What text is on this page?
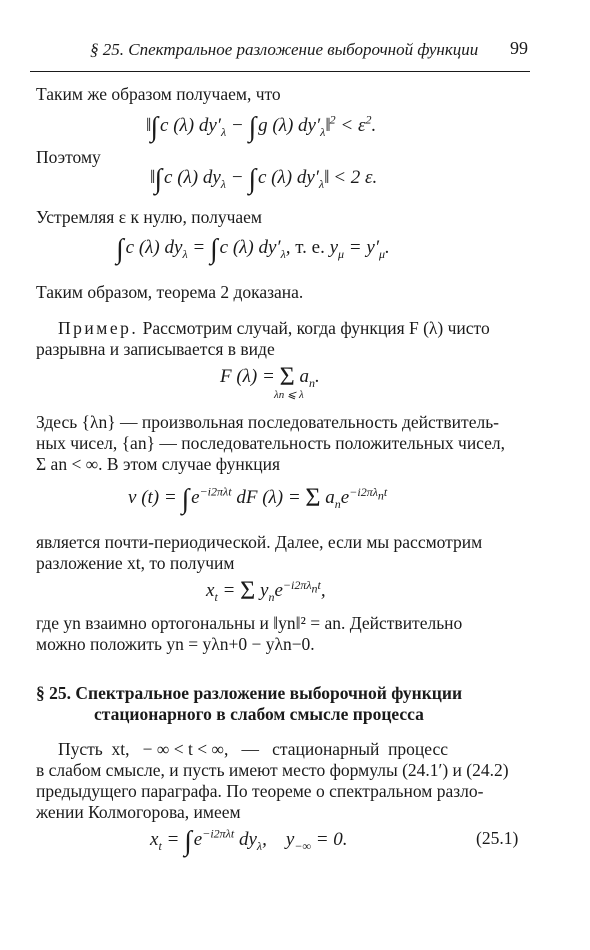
§ 25. Спектральное разложение выборочной функции 99
Таким же образом получаем, что
‖∫ c (λ) $dy'_\lambda$ − ∫ g (λ) $dy'_\lambda‖^2 < \varepsilon^2$.
Поэтому
‖∫ c (λ) $dy_\lambda$ − ∫ c (λ) $dy'_\lambda‖ < 2$ ε.
Устремляя ε к нулю, получаем
∫ c (λ) $dy_\lambda$ = ∫ c (λ) $dy'_\lambda$, т. е. $y_\mu = y'_\mu$.
Таким образом, теорема 2 доказана.
Пример. Рассмотрим случай, когда функция F (λ) чисто
разрывна и записывается в виде
F (λ) = Σ $a_n$.
λn ⩽ λ
Здесь {λn} — произвольная последовательность действитель-
ных чисел, {an} — последовательность положительных чисел,
Σ an < ∞. В этом случае функция
v (t) = ∫ $e^{-i2\pi\lambda t}$ dF (λ) = Σ $a_ne^{-i2\pi\lambda_nt}$
является почти-периодической. Далее, если мы рассмотрим
разложение xt, то получим
$x_t = \Sigma$ $y_ne^{-i2\pi\lambda_nt}$,
где yn взаимно ортогональны и ‖yn‖² = an. Действительно
можно положить yn = yλn+0 − yλn−0.
§ 25. Спектральное разложение выборочной функции
стационарного в слабом смысле процесса
Пусть  xt,   − ∞ < t < ∞,   —   стационарный  процесс
в слабом смысле, и пусть имеют место формулы (24.1′) и (24.2)
предыдущего параграфа. По теореме о спектральном разло-
жении Колмогорова, имеем
$x_t$ = ∫ $e^{-i2\pi\lambda t}$ $dy_\lambda$,    $y_{-\infty} = 0$.	(25.1)
